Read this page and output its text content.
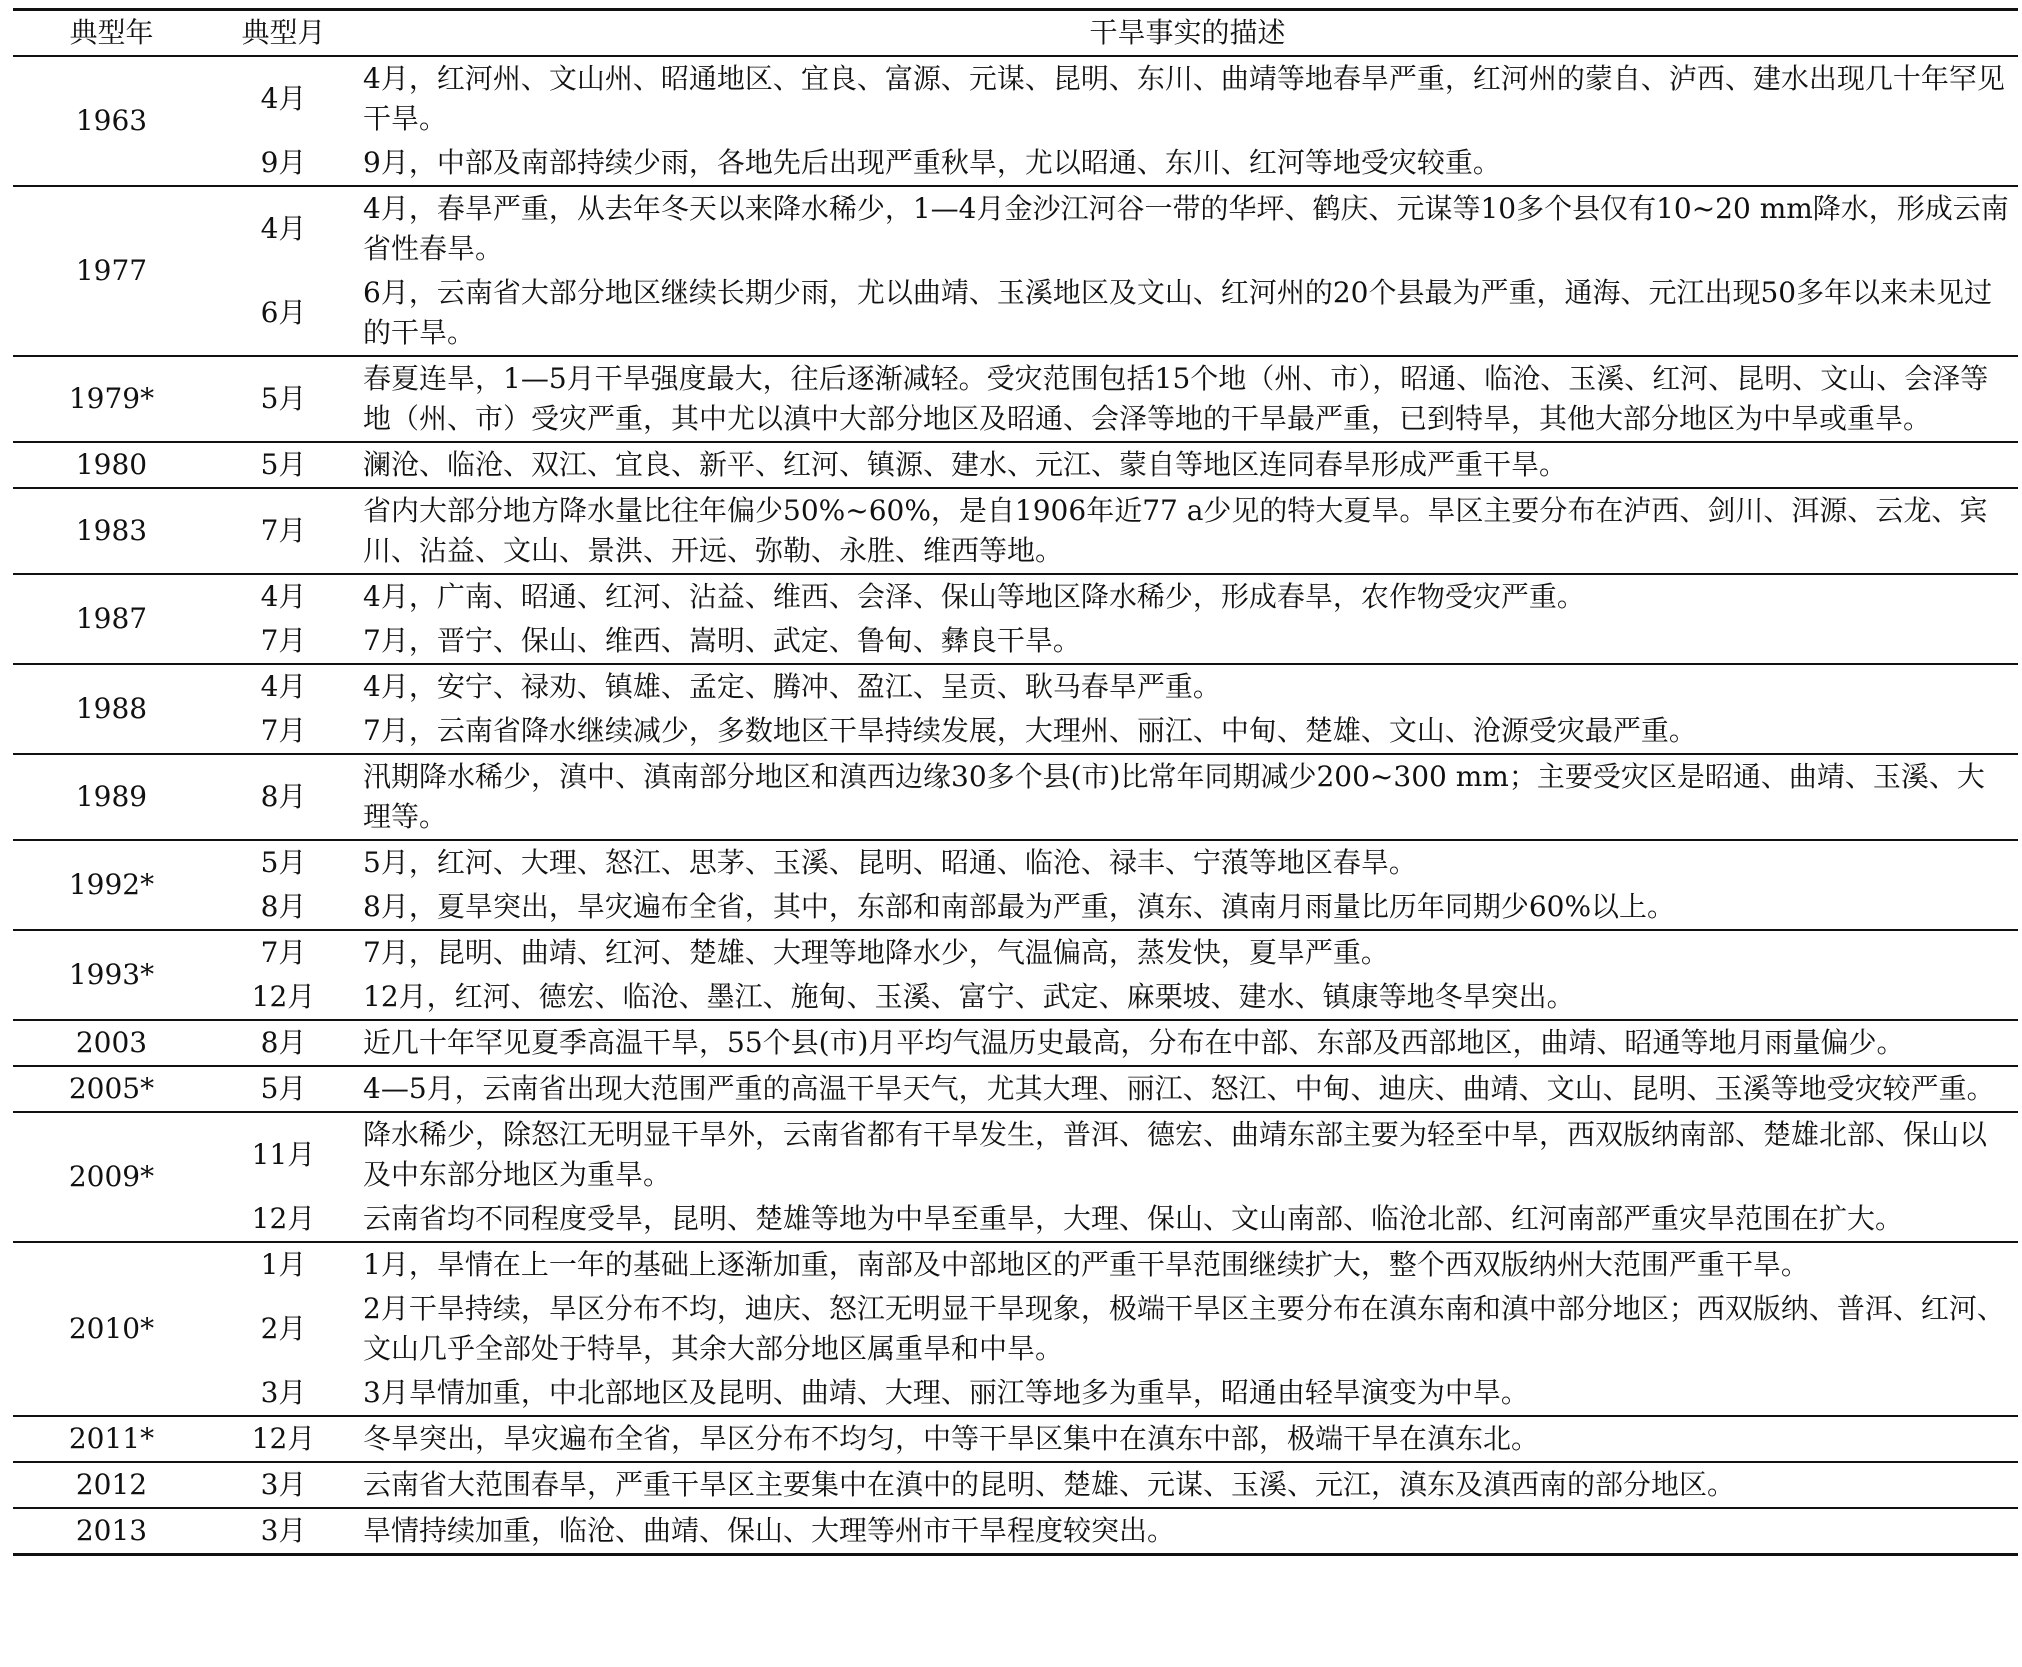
典型年	典型月	干旱事实的描述
1963	4月	4月，红河州、文山州、昭通地区、宜良、富源、元谋、昆明、东川、曲靖等地春旱严重，红河州的蒙自、泸西、建水出现几十年罕见干旱。
	9月	9月，中部及南部持续少雨，各地先后出现严重秋旱，尤以昭通、东川、红河等地受灾较重。
1977	4月	4月，春旱严重，从去年冬天以来降水稀少，1—4月金沙江河谷一带的华坪、鹤庆、元谋等10多个县仅有10~20 mm降水，形成云南省性春旱。
	6月	6月，云南省大部分地区继续长期少雨，尤以曲靖、玉溪地区及文山、红河州的20个县最为严重，通海、元江出现50多年以来未见过的干旱。
1979*	5月	春夏连旱，1—5月干旱强度最大，往后逐渐减轻。受灾范围包括15个地（州、市），昭通、临沧、玉溪、红河、昆明、文山、会泽等地（州、市）受灾严重，其中尤以滇中大部分地区及昭通、会泽等地的干旱最严重，已到特旱，其他大部分地区为中旱或重旱。
1980	5月	澜沧、临沧、双江、宜良、新平、红河、镇源、建水、元江、蒙自等地区连同春旱形成严重干旱。
1983	7月	省内大部分地方降水量比往年偏少50%~60%，是自1906年近77 a少见的特大夏旱。旱区主要分布在泸西、剑川、洱源、云龙、宾川、沾益、文山、景洪、开远、弥勒、永胜、维西等地。
1987	4月	4月，广南、昭通、红河、沾益、维西、会泽、保山等地区降水稀少，形成春旱，农作物受灾严重。
	7月	7月，晋宁、保山、维西、嵩明、武定、鲁甸、彝良干旱。
1988	4月	4月，安宁、禄劝、镇雄、孟定、腾冲、盈江、呈贡、耿马春旱严重。
	7月	7月，云南省降水继续减少，多数地区干旱持续发展，大理州、丽江、中甸、楚雄、文山、沧源受灾最严重。
1989	8月	汛期降水稀少，滇中、滇南部分地区和滇西边缘30多个县(市)比常年同期减少200~300 mm；主要受灾区是昭通、曲靖、玉溪、大理等。
1992*	5月	5月，红河、大理、怒江、思茅、玉溪、昆明、昭通、临沧、禄丰、宁蒗等地区春旱。
	8月	8月，夏旱突出，旱灾遍布全省，其中，东部和南部最为严重，滇东、滇南月雨量比历年同期少60%以上。
1993*	7月	7月，昆明、曲靖、红河、楚雄、大理等地降水少，气温偏高，蒸发快，夏旱严重。
	12月	12月，红河、德宏、临沧、墨江、施甸、玉溪、富宁、武定、麻栗坡、建水、镇康等地冬旱突出。
2003	8月	近几十年罕见夏季高温干旱，55个县(市)月平均气温历史最高，分布在中部、东部及西部地区，曲靖、昭通等地月雨量偏少。
2005*	5月	4—5月，云南省出现大范围严重的高温干旱天气，尤其大理、丽江、怒江、中甸、迪庆、曲靖、文山、昆明、玉溪等地受灾较严重。
2009*	11月	降水稀少，除怒江无明显干旱外，云南省都有干旱发生，普洱、德宏、曲靖东部主要为轻至中旱，西双版纳南部、楚雄北部、保山以及中东部分地区为重旱。
	12月	云南省均不同程度受旱，昆明、楚雄等地为中旱至重旱，大理、保山、文山南部、临沧北部、红河南部严重灾旱范围在扩大。
2010*	1月	1月，旱情在上一年的基础上逐渐加重，南部及中部地区的严重干旱范围继续扩大，整个西双版纳州大范围严重干旱。
	2月	2月干旱持续，旱区分布不均，迪庆、怒江无明显干旱现象，极端干旱区主要分布在滇东南和滇中部分地区；西双版纳、普洱、红河、文山几乎全部处于特旱，其余大部分地区属重旱和中旱。
	3月	3月旱情加重，中北部地区及昆明、曲靖、大理、丽江等地多为重旱，昭通由轻旱演变为中旱。
2011*	12月	冬旱突出，旱灾遍布全省，旱区分布不均匀，中等干旱区集中在滇东中部，极端干旱在滇东北。
2012	3月	云南省大范围春旱，严重干旱区主要集中在滇中的昆明、楚雄、元谋、玉溪、元江，滇东及滇西南的部分地区。
2013	3月	旱情持续加重，临沧、曲靖、保山、大理等州市干旱程度较突出。
